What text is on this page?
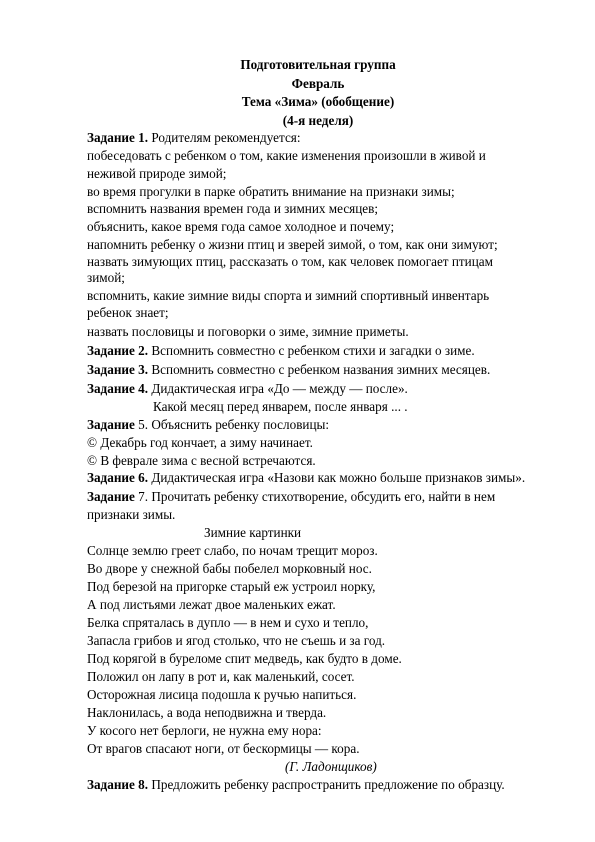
Подготовительная группа
Февраль
Тема «Зима» (обобщение)
(4-я неделя)
Задание 1. Родителям рекомендуется:
побеседовать с ребенком о том, какие изменения произошли в живой и
неживой природе зимой;
во время прогулки в парке обратить внимание на признаки зимы;
вспомнить названия времен года и зимних месяцев;
объяснить, какое время года самое холодное и почему;
напомнить ребенку о жизни птиц и зверей зимой, о том, как они зимуют;
назвать зимующих птиц, рассказать о том, как человек помогает птицам
зимой;
вспомнить, какие зимние виды спорта и зимний спортивный инвентарь
ребенок знает;
назвать пословицы и поговорки о зиме, зимние приметы.
Задание 2. Вспомнить совместно с ребенком стихи и загадки о зиме.
Задание 3. Вспомнить совместно с ребенком названия зимних месяцев.
Задание 4. Дидактическая игра «До — между — после».
Какой месяц перед январем, после января ... .
Задание 5. Объяснить ребенку пословицы:
© Декабрь год кончает, а зиму начинает.
© В феврале зима с весной встречаются.
Задание 6. Дидактическая игра «Назови как можно больше признаков зимы».
Задание 7. Прочитать ребенку стихотворение, обсудить его, найти в нем
признаки зимы.
Зимние картинки
Солнце землю греет слабо, по ночам трещит мороз.
Во дворе у снежной бабы побелел морковный нос.
Под березой на пригорке старый еж устроил норку,
А под листьями лежат двое маленьких ежат.
Белка спряталась в дупло — в нем и сухо и тепло,
Запасла грибов и ягод столько, что не съешь и за год.
Под корягой в буреломе спит медведь, как будто в доме.
Положил он лапу в рот и, как маленький, сосет.
Осторожная лисица подошла к ручью напиться.
Наклонилась, а вода неподвижна и тверда.
У косого нет берлоги, не нужна ему нора:
От врагов спасают ноги, от бескормицы — кора.
(Г. Ладонщиков)
Задание 8. Предложить ребенку распространить предложение по образцу.
